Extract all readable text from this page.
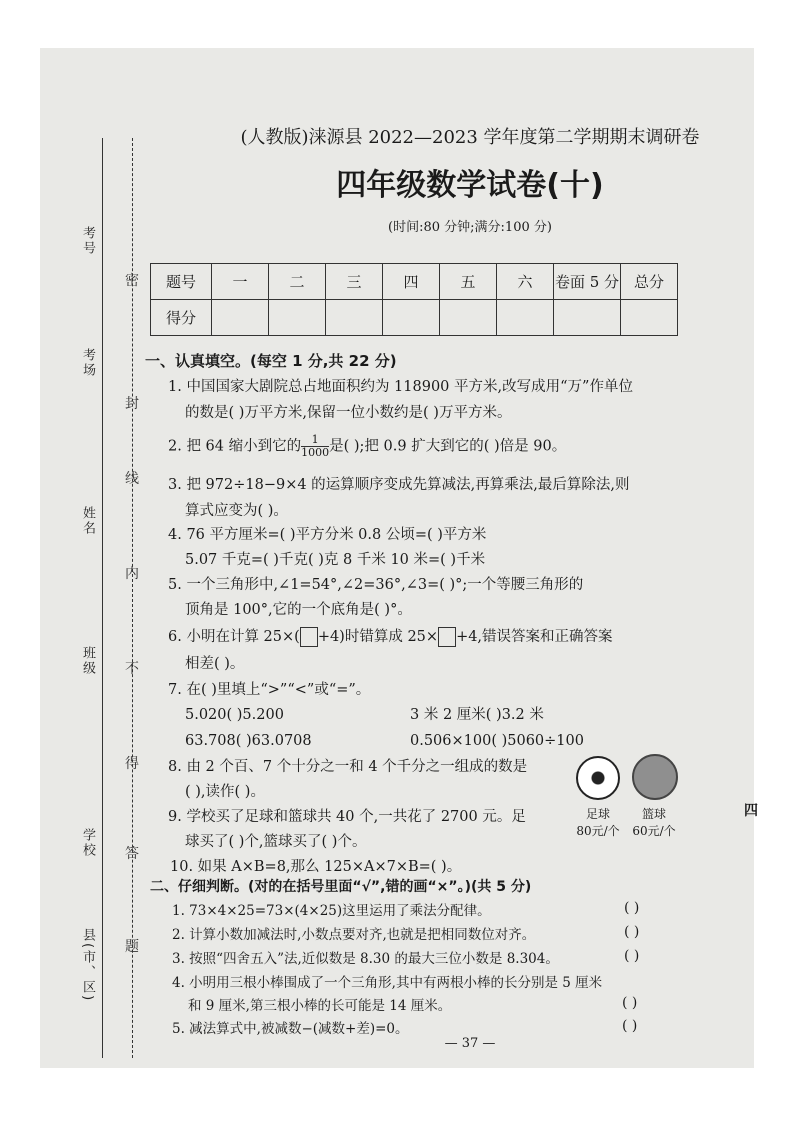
考号
考场
姓名
班级
学校
县(市、区)
密
封
线
内
不
得
答
题
(人教版)涞源县 2022—2023 学年度第二学期期末调研卷
四年级数学试卷(十)
(时间:80 分钟;满分:100 分)
题号	一	二	三	四	五	六	卷面 5 分	总分
得分								
一、认真填空。(每空 1 分,共 22 分)
1. 中国国家大剧院总占地面积约为 118900 平方米,改写成用“万”作单位
的数是( )万平方米,保留一位小数约是( )万平方米。
2. 把 64 缩小到它的 $\frac{1}{1000}$ 是( );把 0.9 扩大到它的( )倍是 90。
3. 把 972÷18−9×4 的运算顺序变成先算减法,再算乘法,最后算除法,则
算式应变为( )。
4. 76 平方厘米=( )平方分米 0.8 公顷=( )平方米
5.07 千克=( )千克( )克 8 千米 10 米=( )千米
5. 一个三角形中,∠1=54°,∠2=36°,∠3=( )°;一个等腰三角形的
顶角是 100°,它的一个底角是( )°。
6. 小明在计算 25×( +4)时错算成 25× +4,错误答案和正确答案
相差( )。
7. 在( )里填上“>”“<”或“=”。
5.020( )5.200	3 米 2 厘米( )3.2 米
63.708( )63.0708	0.506×100( )5060÷100
8. 由 2 个百、7 个十分之一和 4 个千分之一组成的数是
( ),读作( )。
9. 学校买了足球和篮球共 40 个,一共花了 2700 元。足
球买了( )个,篮球买了( )个。
10. 如果 A×B=8,那么 125×A×7×B=( )。
足球
80元/个
篮球
60元/个
二、仔细判断。(对的在括号里面“√”,错的画“×”。)(共 5 分)
1. 73×4×25=73×(4×25)这里运用了乘法分配律。
2. 计算小数加减法时,小数点要对齐,也就是把相同数位对齐。
3. 按照“四舍五入”法,近似数是 8.30 的最大三位小数是 8.304。
4. 小明用三根小棒围成了一个三角形,其中有两根小棒的长分别是 5 厘米
和 9 厘米,第三根小棒的长可能是 14 厘米。
5. 减法算式中,被减数−(减数+差)=0。
( )
( )
( )
( )
( )
— 37 —
四
